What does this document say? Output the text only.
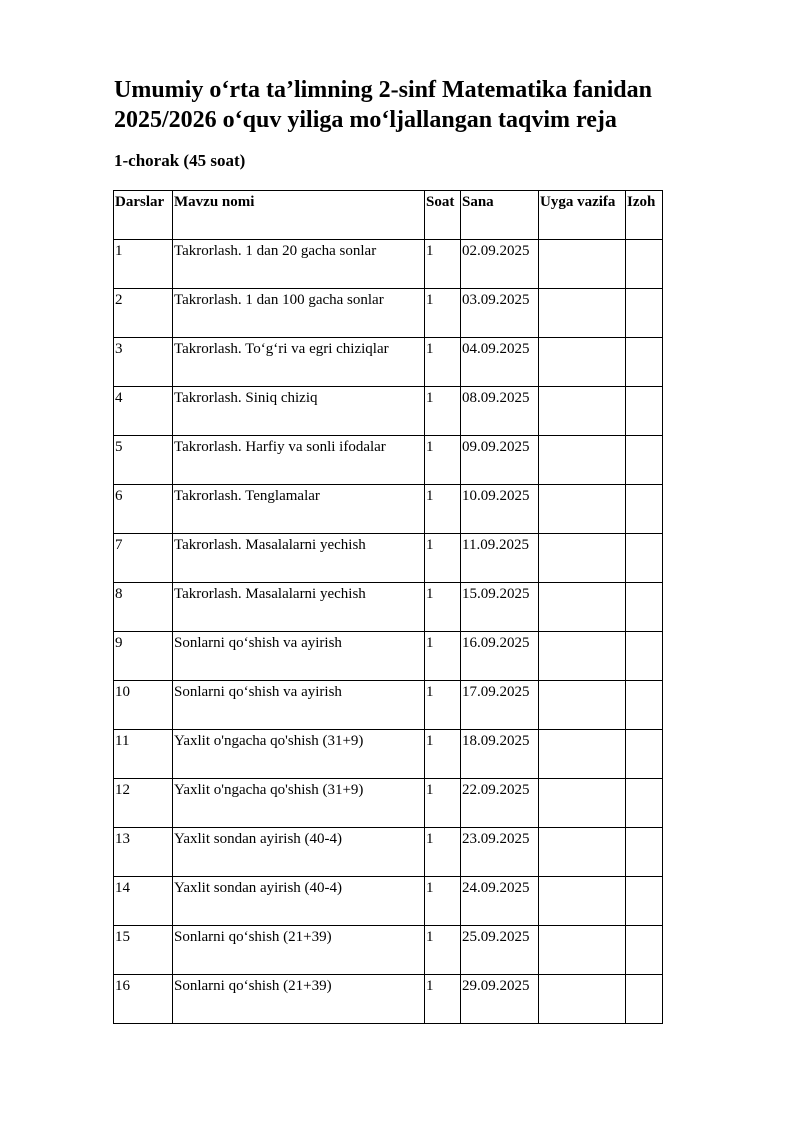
Umumiy o‘rta ta’limning 2-sinf Matematika fanidan
2025/2026 o‘quv yiliga mo‘ljallangan taqvim reja
1-chorak (45 soat)
Darslar	Mavzu nomi	Soat	Sana	Uyga vazifa	Izoh
1	Takrorlash. 1 dan 20 gacha sonlar	1	02.09.2025		
2	Takrorlash. 1 dan 100 gacha sonlar	1	03.09.2025		
3	Takrorlash. To‘g‘ri va egri chiziqlar	1	04.09.2025		
4	Takrorlash. Siniq chiziq	1	08.09.2025		
5	Takrorlash. Harfiy va sonli ifodalar	1	09.09.2025		
6	Takrorlash. Tenglamalar	1	10.09.2025		
7	Takrorlash. Masalalarni yechish	1	11.09.2025		
8	Takrorlash. Masalalarni yechish	1	15.09.2025		
9	Sonlarni qo‘shish va ayirish	1	16.09.2025		
10	Sonlarni qo‘shish va ayirish	1	17.09.2025		
11	Yaxlit o'ngacha qo'shish (31+9)	1	18.09.2025		
12	Yaxlit o'ngacha qo'shish (31+9)	1	22.09.2025		
13	Yaxlit sondan ayirish (40-4)	1	23.09.2025		
14	Yaxlit sondan ayirish (40-4)	1	24.09.2025		
15	Sonlarni qo‘shish (21+39)	1	25.09.2025		
16	Sonlarni qo‘shish (21+39)	1	29.09.2025		
